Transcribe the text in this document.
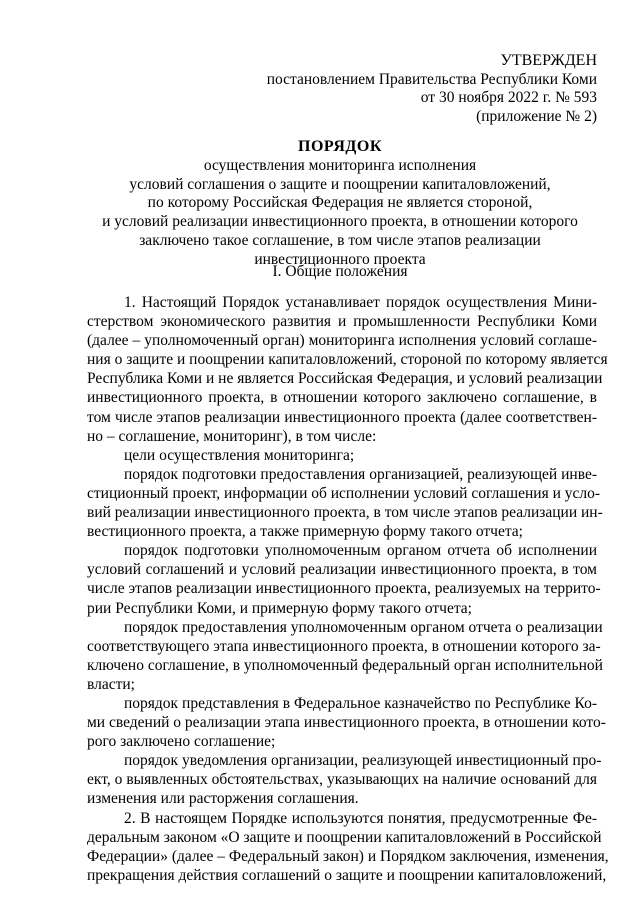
УТВЕРЖДЕН
постановлением Правительства Республики Коми
от 30 ноября 2022 г. № 593
(приложение № 2)
ПОРЯДОК
осуществления мониторинга исполнения
условий соглашения о защите и поощрении капиталовложений,
по которому Российская Федерация не является стороной,
и условий реализации инвестиционного проекта, в отношении которого
заключено такое соглашение, в том числе этапов реализации
инвестиционного проекта
I. Общие положения
1. Настоящий Порядок устанавливает порядок осуществления Мини-
стерством экономического развития и промышленности Республики Коми
(далее – уполномоченный орган) мониторинга исполнения условий соглаше-
ния о защите и поощрении капиталовложений, стороной по которому является
Республика Коми и не является Российская Федерация, и условий реализации
инвестиционного проекта, в отношении которого заключено соглашение, в
том числе этапов реализации инвестиционного проекта (далее соответствен-
но – соглашение, мониторинг), в том числе:
цели осуществления мониторинга;
порядок подготовки предоставления организацией, реализующей инве-
стиционный проект, информации об исполнении условий соглашения и усло-
вий реализации инвестиционного проекта, в том числе этапов реализации ин-
вестиционного проекта, а также примерную форму такого отчета;
порядок подготовки уполномоченным органом отчета об исполнении
условий соглашений и условий реализации инвестиционного проекта, в том
числе этапов реализации инвестиционного проекта, реализуемых на террито-
рии Республики Коми, и примерную форму такого отчета;
порядок предоставления уполномоченным органом отчета о реализации
соответствующего этапа инвестиционного проекта, в отношении которого за-
ключено соглашение, в уполномоченный федеральный орган исполнительной
власти;
порядок представления в Федеральное казначейство по Республике Ко-
ми сведений о реализации этапа инвестиционного проекта, в отношении кото-
рого заключено соглашение;
порядок уведомления организации, реализующей инвестиционный про-
ект, о выявленных обстоятельствах, указывающих на наличие оснований для
изменения или расторжения соглашения.
2. В настоящем Порядке используются понятия, предусмотренные Фе-
деральным законом «О защите и поощрении капиталовложений в Российской
Федерации» (далее – Федеральный закон) и Порядком заключения, изменения,
прекращения действия соглашений о защите и поощрении капиталовложений,
